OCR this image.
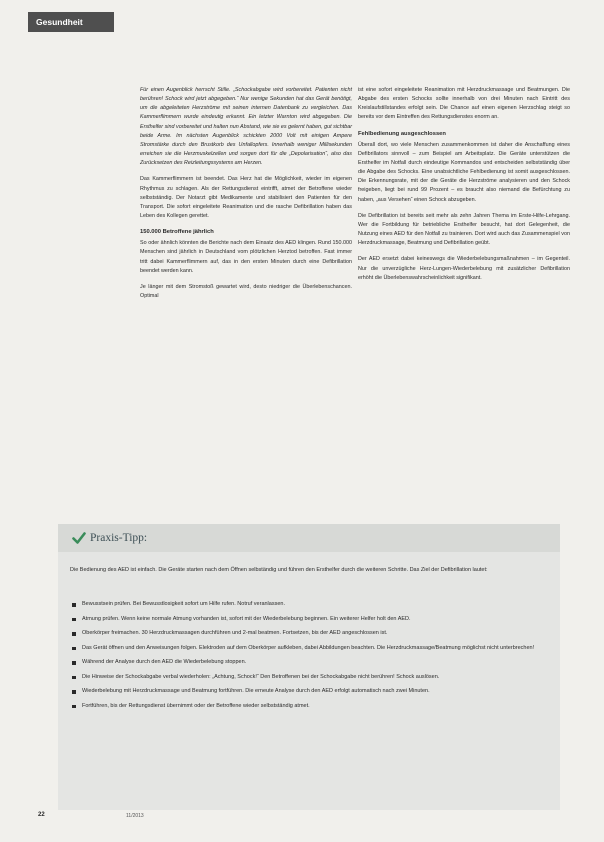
Gesundheit

Für einen Augenblick herrscht Stille. „Schockabgabe wird vorbereitet. Patienten nicht berühren! Schock wird jetzt abgegeben.“ Nur wenige Sekunden hat das Gerät benötigt, um die abgeleiteten Herzströme mit seinen internen Datenbank zu vergleichen. Das Kammerflimmern wurde eindeutig erkannt. Ein letzter Warnton wird abgegeben. Die Ersthelfer sind vorbereitet und halten nun Abstand, wie sie es gelernt haben, gut sichtbar beide Arme. Im nächsten Augenblick schickten 2000 Volt mit einigen Ampere Stromstärke durch den Brustkorb des Unfallopfers. Innerhalb weniger Millisekunden erreichen sie die Herzmuskelzellen und sorgen dort für die „Depolarisation“, also das Zurücksetzen des Reizleitungssystems am Herzen.

Das Kammerflimmern ist beendet. Das Herz hat die Möglichkeit, wieder im eigenen Rhythmus zu schlagen. Als der Rettungsdienst eintrifft, atmet der Betroffene wieder selbstständig. Der Notarzt gibt Medikamente und stabilisiert den Patienten für den Transport. Die sofort eingeleitete Reanimation und die rasche Defibrillation haben das Leben des Kollegen gerettet.

150.000 Betroffene jährlich

So oder ähnlich könnten die Berichte nach dem Einsatz des AED klingen. Rund 150.000 Menschen sind jährlich in Deutschland vom plötzlichen Herztod betroffen. Fast immer tritt dabei Kammerflimmern auf, das in den ersten Minuten durch eine Defibrillation beendet werden kann.

Je länger mit dem Stromstoß gewartet wird, desto niedriger die Überlebenschancen. Optimal

ist eine sofort eingeleitete Reanimation mit Herzdruckmassage und Beatmungen. Die Abgabe des ersten Schocks sollte innerhalb von drei Minuten nach Eintritt des Kreislaufstillstandes erfolgt sein. Die Chance auf einen eigenen Herzschlag steigt so bereits vor dem Eintreffen des Rettungsdienstes enorm an.

Fehlbedienung ausgeschlossen

Überall dort, wo viele Menschen zusammenkommen ist daher die Anschaffung eines Defibrillators sinnvoll – zum Beispiel am Arbeitsplatz. Die Geräte unterstützen die Ersthelfer im Notfall durch eindeutige Kommandos und entscheiden selbstständig über die Abgabe des Schocks. Eine unabsichtliche Fehlbedienung ist somit ausgeschlossen. Die Erkennungsrate, mit der die Geräte die Herzströme analysieren und den Schock freigeben, liegt bei rund 99 Prozent – es braucht also niemand die Befürchtung zu haben, „aus Versehen“ einen Schock abzugeben.

Die Defibrillation ist bereits seit mehr als zehn Jahren Thema im Erste-Hilfe-Lehrgang. Wer die Fortbildung für betriebliche Ersthelfer besucht, hat dort Gelegenheit, die Nutzung eines AED für den Notfall zu trainieren. Dort wird auch das Zusammenspiel von Herzdruckmassage, Beatmung und Defibrillation geübt.

Der AED ersetzt dabei keineswegs die Wiederbelebungsmaßnahmen – im Gegenteil. Nur die unverzügliche Herz-Lungen-Wiederbelebung mit zusätzlicher Defibrillation erhöht die Überlebenswahrscheinlichkeit signifikant.

Praxis-Tipp:
Die Bedienung des AED ist einfach. Die Geräte starten nach dem Öffnen selbständig und führen den Ersthelfer durch die weiteren Schritte. Das Ziel der Defibrillation lautet:
Bewusstsein prüfen. Bei Bewusstlosigkeit sofort um Hilfe rufen. Notruf veranlassen.
Atmung prüfen. Wenn keine normale Atmung vorhanden ist, sofort mit der Wiederbelebung beginnen. Ein weiterer Helfer holt den AED.
Oberkörper freimachen. 30 Herzdruckmassagen durchführen und 2-mal beatmen. Fortsetzen, bis der AED angeschlossen ist.
Das Gerät öffnen und den Anweisungen folgen. Elektroden auf dem Oberkörper aufkleben, dabei Abbildungen beachten. Die Herzdruckmassage/Beatmung möglichst nicht unterbrechen!
Während der Analyse durch den AED die Wiederbelebung stoppen.
Die Hinweise der Schockabgabe verbal wiederholen: „Achtung, Schock!“ Den Betroffenen bei der Schockabgabe nicht berühren! Schock auslösen.
Wiederbelebung mit Herzdruckmassage und Beatmung fortführen. Die erneute Analyse durch den AED erfolgt automatisch nach zwei Minuten.
Fortführen, bis der Rettungsdienst übernimmt oder der Betroffene wieder selbstständig atmet.
22	11/2013
